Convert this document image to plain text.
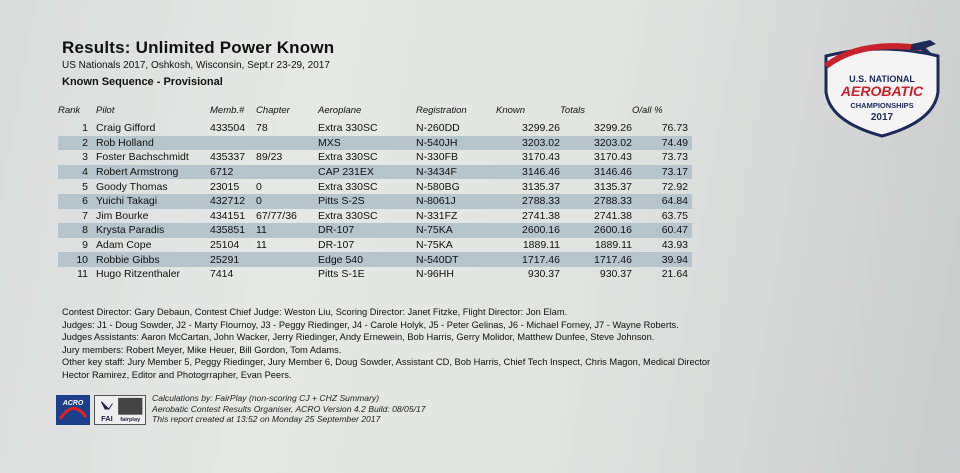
Results: Unlimited Power Known
US Nationals 2017, Oshkosh, Wisconsin, Sept.r 23-29, 2017
Known Sequence - Provisional	U.S. NATIONAL
AEROBATIC
CHAMPIONSHIPS
2017
Rank	Pilot	Memb.#	Chapter	Aeroplane	Registration	Known	Totals	O/all %
1	Craig Gifford	433504	78	Extra 330SC	N-260DD	3299.26	3299.26	76.73
2	Rob Holland			MXS	N-540JH	3203.02	3203.02	74.49
3	Foster Bachschmidt	435337	89/23	Extra 330SC	N-330FB	3170.43	3170.43	73.73
4	Robert Armstrong	6712		CAP 231EX	N-3434F	3146.46	3146.46	73.17
5	Goody Thomas	23015	0	Extra 330SC	N-580BG	3135.37	3135.37	72.92
6	Yuichi Takagi	432712	0	Pitts S-2S	N-8061J	2788.33	2788.33	64.84
7	Jim Bourke	434151	67/77/36	Extra 330SC	N-331FZ	2741.38	2741.38	63.75
8	Krysta Paradis	435851	11	DR-107	N-75KA	2600.16	2600.16	60.47
9	Adam Cope	25104	11	DR-107	N-75KA	1889.11	1889.11	43.93
10	Robbie Gibbs	25291		Edge 540	N-540DT	1717.46	1717.46	39.94
11	Hugo Ritzenthaler	7414		Pitts S-1E	N-96HH	930.37	930.37	21.64
Contest Director: Gary Debaun, Contest Chief Judge: Weston Liu, Scoring Director: Janet Fitzke, Flight Director: Jon Elam.
Judges: J1 - Doug Sowder, J2 - Marty Flournoy, J3 - Peggy Riedinger, J4 - Carole Holyk, J5 - Peter Gelinas, J6 - Michael Forney, J7 - Wayne Roberts.
Judges Assistants: Aaron McCartan, John Wacker, Jerry Riedinger, Andy Ernewein, Bob Harris, Gerry Molidor, Matthew Dunfee, Steve Johnson.
Jury members: Robert Meyer, Mike Heuer, Bill Gordon, Tom Adams.
Other key staff: Jury Member 5, Peggy Riedinger, Jury Member 6, Doug Sowder, Assistant CD, Bob Harris, Chief Tech Inspect, Chris Magon, Medical Director
Hector Ramirez, Editor and Photogrrapher, Evan Peers.
ACRO
FAI fairplay
Calculations by: FairPlay (non-scoring CJ + CHZ Summary)
Aerobatic Contest Results Organiser, ACRO Version 4.2 Build: 08/05/17
This report created at 13:52 on Monday 25 September 2017
